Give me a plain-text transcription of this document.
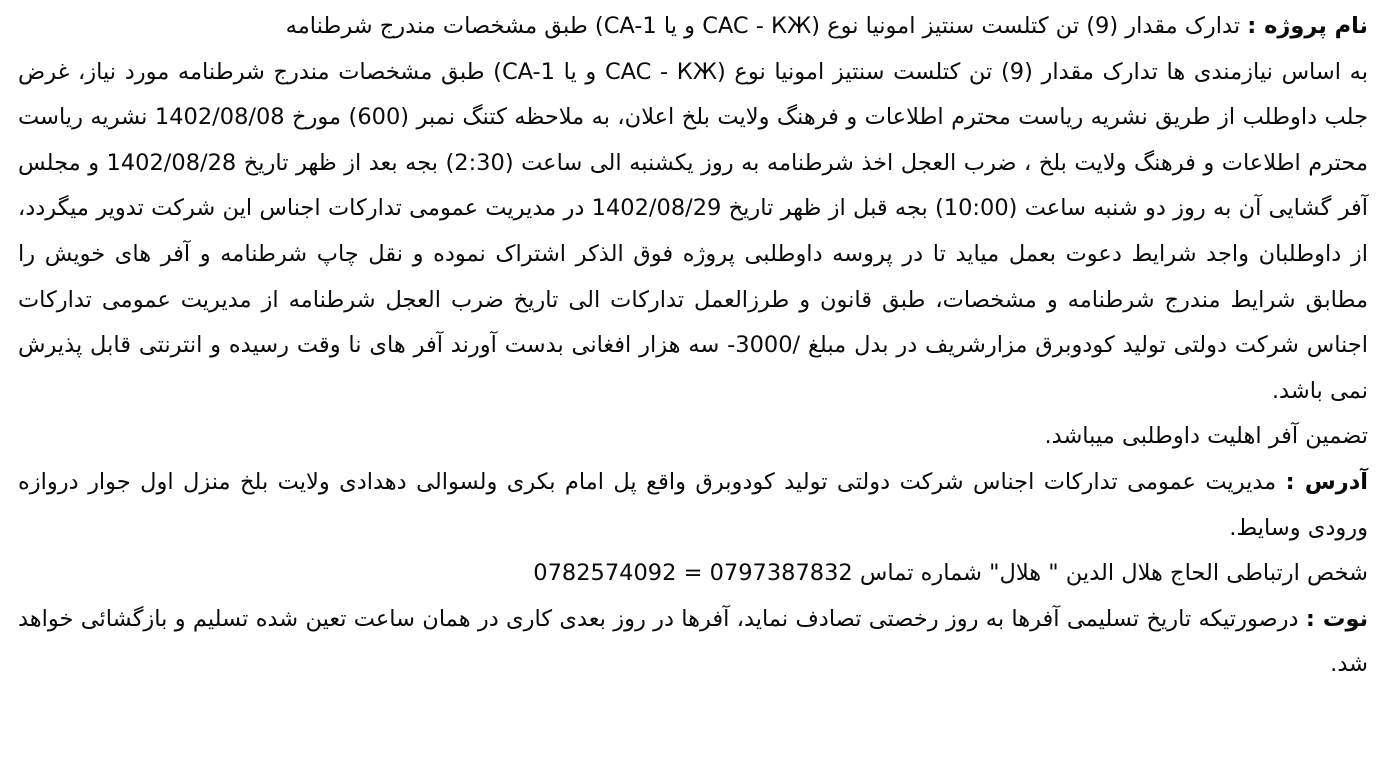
نام پروژه : تدارک مقدار (9) تن کتلست سنتیز امونیا نوع (CAC - КЖ و یا CA-1) طبق مشخصات مندرج شرطنامه

به اساس نیازمندی ها تدارک مقدار (9) تن کتلست سنتیز امونیا نوع (CAC - КЖ و یا CA-1) طبق مشخصات مندرج شرطنامه مورد نیاز، غرض جلب داوطلب از طریق نشریه ریاست محترم اطلاعات و فرهنگ ولایت بلخ اعلان، به ملاحظه کتنگ نمبر (600) مورخ 1402/08/08 نشریه ریاست محترم اطلاعات و فرهنگ ولایت بلخ ، ضرب العجل اخذ شرطنامه به روز یکشنبه الی ساعت (2:30) بجه بعد از ظهر تاریخ 1402/08/28 و مجلس آفر گشایی آن به روز دو شنبه ساعت (10:00) بجه قبل از ظهر تاریخ 1402/08/29 در مدیریت عمومی تدارکات اجناس این شرکت تدویر میگردد، از داوطلبان واجد شرایط دعوت بعمل میاید تا در پروسه داوطلبی پروژه فوق الذکر اشتراک نموده و نقل چاپ شرطنامه و آفر های خویش را مطابق شرایط مندرج شرطنامه و مشخصات، طبق قانون و طرزالعمل تدارکات الی تاریخ ضرب العجل شرطنامه از مدیریت عمومی تدارکات اجناس شرکت دولتی تولید کودوبرق مزارشریف در بدل مبلغ /3000- سه هزار افغانی بدست آورند آفر های نا وقت رسیده و انترنتی قابل پذیرش نمی باشد.

تضمین آفر اهلیت داوطلبی میباشد.

آدرس : مدیریت عمومی تدارکات اجناس شرکت دولتی تولید کودوبرق واقع پل امام بکری ولسوالی دهدادی ولایت بلخ منزل اول جوار دروازه ورودی وسایط.

شخص ارتباطی الحاج هلال الدین " هلال" شماره تماس 0797387832 = 0782574092

نوت : درصورتیکه تاریخ تسلیمی آفرها به روز رخصتی تصادف نماید، آفرها در روز بعدی کاری در همان ساعت تعین شده تسلیم و بازگشائی خواهد شد.
